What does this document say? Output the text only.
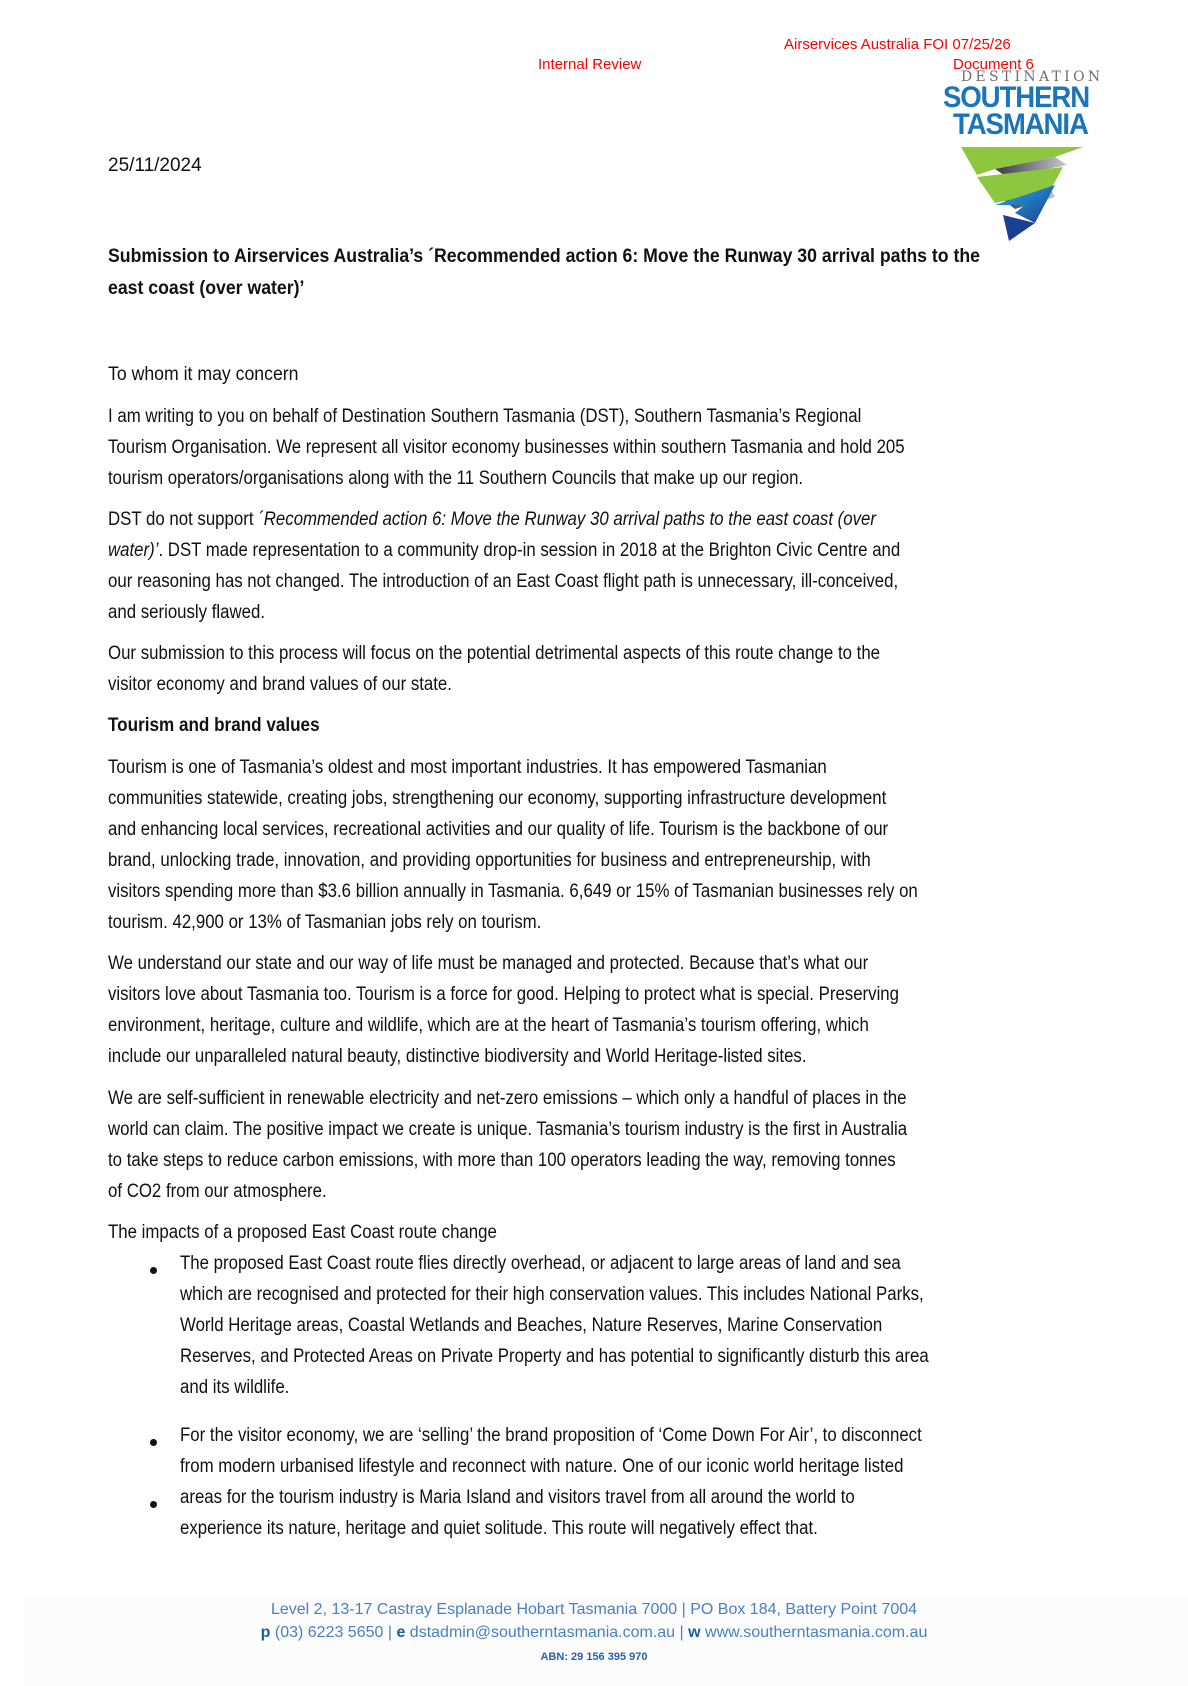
Internal Review
Airservices Australia FOI 07/25/26
Document 6
DESTINATION
SOUTHERN
TASMANIA
25/11/2024
Submission to Airservices Australia’s ´Recommended action 6: Move the Runway 30 arrival paths to the
east coast (over water)’
To whom it may concern
I am writing to you on behalf of Destination Southern Tasmania (DST), Southern Tasmania’s Regional
Tourism Organisation. We represent all visitor economy businesses within southern Tasmania and hold 205
tourism operators/organisations along with the 11 Southern Councils that make up our region.
DST do not support ´Recommended action 6: Move the Runway 30 arrival paths to the east coast (over
water)’. DST made representation to a community drop-in session in 2018 at the Brighton Civic Centre and
our reasoning has not changed. The introduction of an East Coast flight path is unnecessary, ill-conceived,
and seriously flawed.
Our submission to this process will focus on the potential detrimental aspects of this route change to the
visitor economy and brand values of our state.
Tourism and brand values
Tourism is one of Tasmania’s oldest and most important industries. It has empowered Tasmanian
communities statewide, creating jobs, strengthening our economy, supporting infrastructure development
and enhancing local services, recreational activities and our quality of life. Tourism is the backbone of our
brand, unlocking trade, innovation, and providing opportunities for business and entrepreneurship, with
visitors spending more than $3.6 billion annually in Tasmania. 6,649 or 15% of Tasmanian businesses rely on
tourism. 42,900 or 13% of Tasmanian jobs rely on tourism.
We understand our state and our way of life must be managed and protected. Because that’s what our
visitors love about Tasmania too. Tourism is a force for good. Helping to protect what is special. Preserving
environment, heritage, culture and wildlife, which are at the heart of Tasmania’s tourism offering, which
include our unparalleled natural beauty, distinctive biodiversity and World Heritage-listed sites.
We are self-sufficient in renewable electricity and net-zero emissions – which only a handful of places in the
world can claim. The positive impact we create is unique. Tasmania’s tourism industry is the first in Australia
to take steps to reduce carbon emissions, with more than 100 operators leading the way, removing tonnes
of CO2 from our atmosphere.
The impacts of a proposed East Coast route change
The proposed East Coast route flies directly overhead, or adjacent to large areas of land and sea
which are recognised and protected for their high conservation values. This includes National Parks,
World Heritage areas, Coastal Wetlands and Beaches, Nature Reserves, Marine Conservation
Reserves, and Protected Areas on Private Property and has potential to significantly disturb this area
and its wildlife.
For the visitor economy, we are ‘selling’ the brand proposition of ‘Come Down For Air’, to disconnect
from modern urbanised lifestyle and reconnect with nature. One of our iconic world heritage listed
areas for the tourism industry is Maria Island and visitors travel from all around the world to
experience its nature, heritage and quiet solitude. This route will negatively effect that.
Level 2, 13-17 Castray Esplanade Hobart Tasmania 7000 | PO Box 184, Battery Point 7004
p (03) 6223 5650 | e dstadmin@southerntasmania.com.au | w www.southerntasmania.com.au
ABN: 29 156 395 970
